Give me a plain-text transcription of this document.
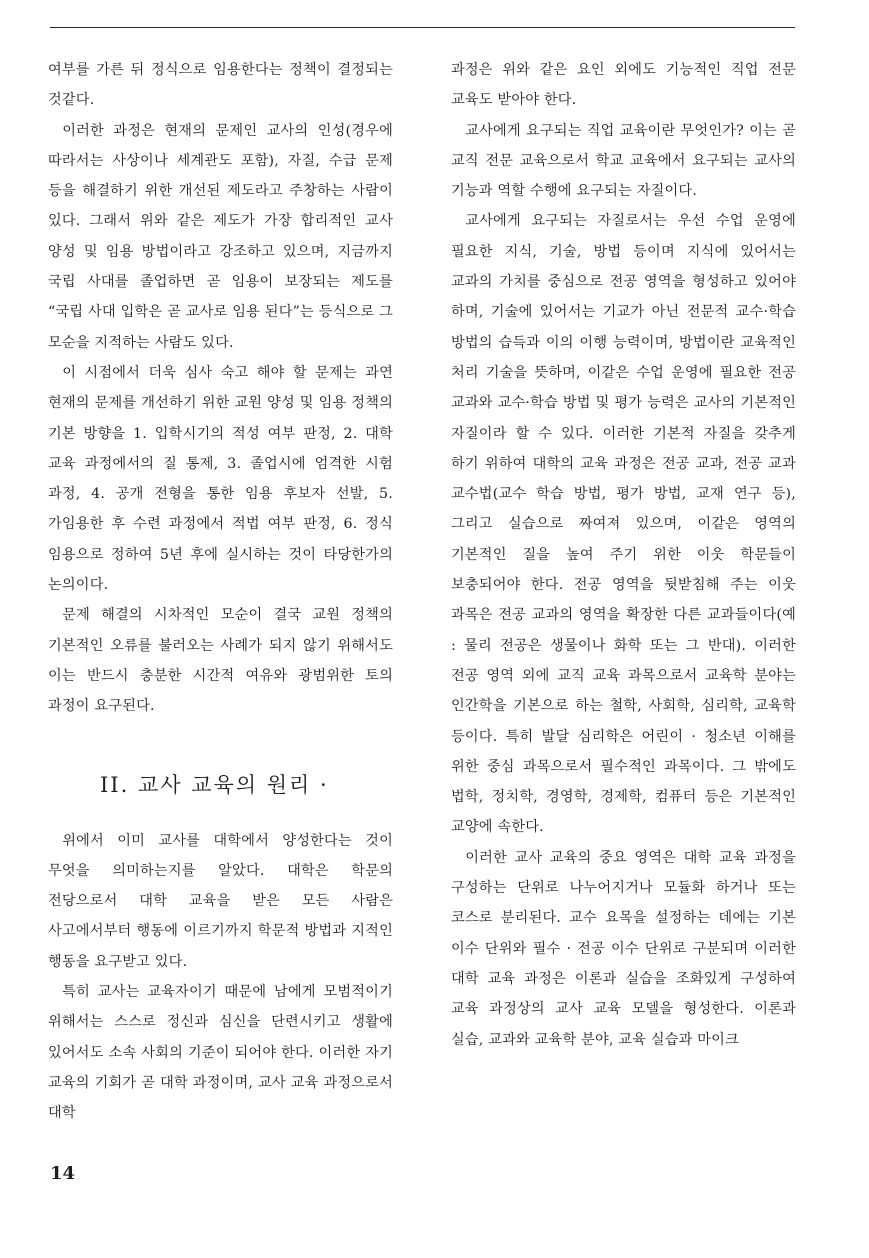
여부를 가른 뒤 정식으로 임용한다는 정책이 결정되는 것같다.

이러한 과정은 현재의 문제인 교사의 인성(경우에 따라서는 사상이나 세계관도 포함), 자질, 수급 문제 등을 해결하기 위한 개선된 제도라고 주창하는 사람이 있다. 그래서 위와 같은 제도가 가장 합리적인 교사 양성 및 임용 방법이라고 강조하고 있으며, 지금까지 국립 사대를 졸업하면 곧 임용이 보장되는 제도를 “국립 사대 입학은 곧 교사로 임용 된다”는 등식으로 그 모순을 지적하는 사람도 있다.

이 시점에서 더욱 심사 숙고 해야 할 문제는 과연 현재의 문제를 개선하기 위한 교원 양성 및 임용 정책의 기본 방향을 1. 입학시기의 적성 여부 판정, 2. 대학 교육 과정에서의 질 통제, 3. 졸업시에 엄격한 시험 과정, 4. 공개 전형을 통한 임용 후보자 선발, 5. 가임용한 후 수련 과정에서 적법 여부 판정, 6. 정식 임용으로 정하여 5년 후에 실시하는 것이 타당한가의 논의이다.

문제 해결의 시차적인 모순이 결국 교원 정책의 기본적인 오류를 불러오는 사례가 되지 않기 위해서도 이는 반드시 충분한 시간적 여유와 광범위한 토의 과정이 요구된다.

II. 교사 교육의 원리 ·

위에서 이미 교사를 대학에서 양성한다는 것이 무엇을 의미하는지를 알았다. 대학은 학문의 전당으로서 대학 교육을 받은 모든 사람은 사고에서부터 행동에 이르기까지 학문적 방법과 지적인 행동을 요구받고 있다.

특히 교사는 교육자이기 때문에 남에게 모범적이기 위해서는 스스로 정신과 심신을 단련시키고 생활에 있어서도 소속 사회의 기준이 되어야 한다. 이러한 자기 교육의 기회가 곧 대학 과정이며, 교사 교육 과정으로서 대학

과정은 위와 같은 요인 외에도 기능적인 직업 전문 교육도 받아야 한다.

교사에게 요구되는 직업 교육이란 무엇인가? 이는 곧 교직 전문 교육으로서 학교 교육에서 요구되는 교사의 기능과 역할 수행에 요구되는 자질이다.

교사에게 요구되는 자질로서는 우선 수업 운영에 필요한 지식, 기술, 방법 등이며 지식에 있어서는 교과의 가치를 중심으로 전공 영역을 형성하고 있어야 하며, 기술에 있어서는 기교가 아닌 전문적 교수·학습 방법의 습득과 이의 이행 능력이며, 방법이란 교육적인 처리 기술을 뜻하며, 이같은 수업 운영에 필요한 전공 교과와 교수·학습 방법 및 평가 능력은 교사의 기본적인 자질이라 할 수 있다. 이러한 기본적 자질을 갖추게 하기 위하여 대학의 교육 과정은 전공 교과, 전공 교과 교수법(교수 학습 방법, 평가 방법, 교재 연구 등), 그리고 실습으로 짜여져 있으며, 이같은 영역의 기본적인 질을 높여 주기 위한 이웃 학문들이 보충되어야 한다. 전공 영역을 뒷받침해 주는 이웃 과목은 전공 교과의 영역을 확장한 다른 교과들이다(예 : 물리 전공은 생물이나 화학 또는 그 반대). 이러한 전공 영역 외에 교직 교육 과목으로서 교육학 분야는 인간학을 기본으로 하는 철학, 사회학, 심리학, 교육학 등이다. 특히 발달 심리학은 어린이 · 청소년 이해를 위한 중심 과목으로서 필수적인 과목이다. 그 밖에도 법학, 정치학, 경영학, 경제학, 컴퓨터 등은 기본적인 교양에 속한다.

이러한 교사 교육의 중요 영역은 대학 교육 과정을 구성하는 단위로 나누어지거나 모듈화 하거나 또는 코스로 분리된다. 교수 요목을 설정하는 데에는 기본 이수 단위와 필수 · 전공 이수 단위로 구분되며 이러한 대학 교육 과정은 이론과 실습을 조화있게 구성하여 교육 과정상의 교사 교육 모델을 형성한다. 이론과 실습, 교과와 교육학 분야, 교육 실습과 마이크

14
